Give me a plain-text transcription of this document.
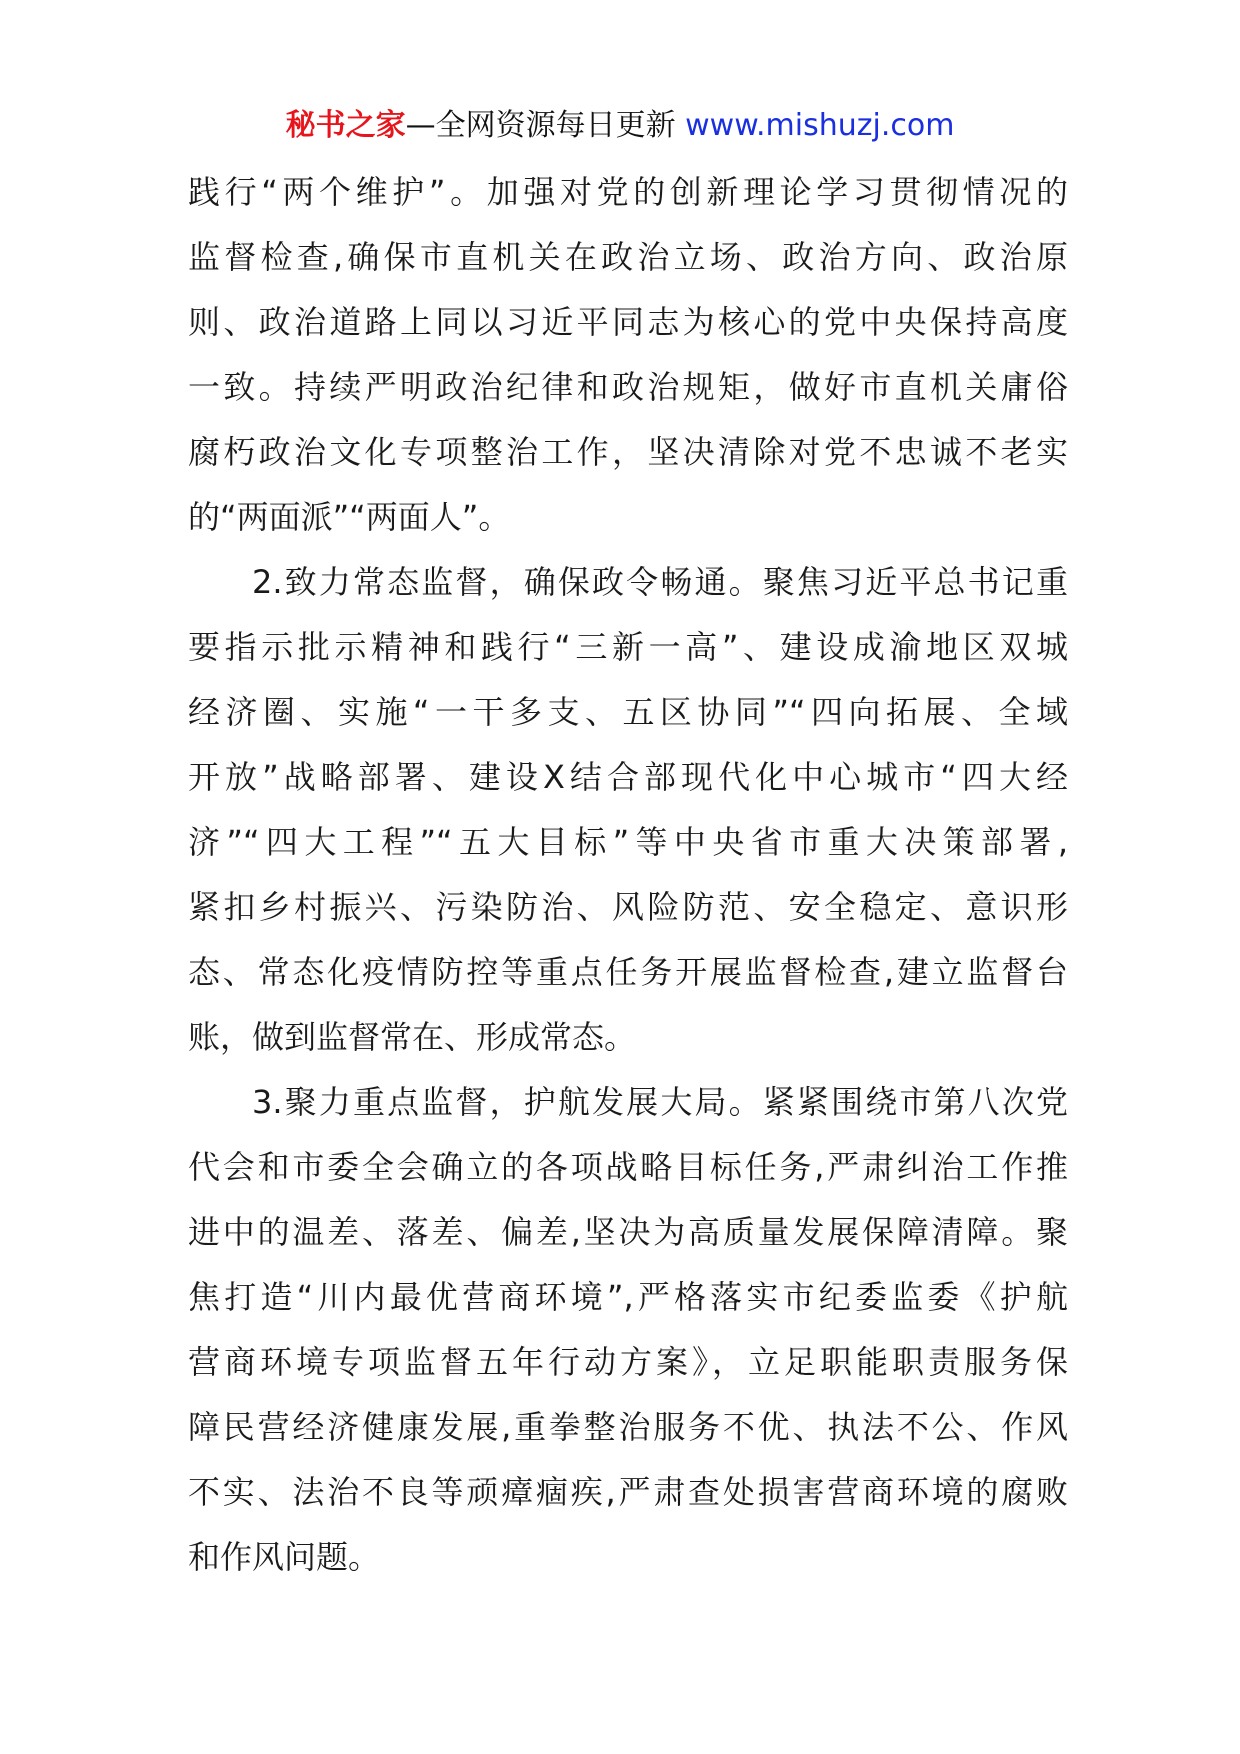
秘书之家—全网资源每日更新 www.mishuzj.com
践行“两个维护”。加强对党的创新理论学习贯彻情况的
监督检查,确保市直机关在政治立场、政治方向、政治原
则、政治道路上同以习近平同志为核心的党中央保持高度
一致。持续严明政治纪律和政治规矩，做好市直机关庸俗
腐朽政治文化专项整治工作，坚决清除对党不忠诚不老实
的“两面派”“两面人”。
2.致力常态监督，确保政令畅通。聚焦习近平总书记重
要指示批示精神和践行“三新一高”、建设成渝地区双城
经济圈、实施“一干多支、五区协同”“四向拓展、全域
开放”战略部署、建设X结合部现代化中心城市“四大经
济”“四大工程”“五大目标”等中央省市重大决策部署,
紧扣乡村振兴、污染防治、风险防范、安全稳定、意识形
态、常态化疫情防控等重点任务开展监督检查,建立监督台
账，做到监督常在、形成常态。
3.聚力重点监督，护航发展大局。紧紧围绕市第八次党
代会和市委全会确立的各项战略目标任务,严肃纠治工作推
进中的温差、落差、偏差,坚决为高质量发展保障清障。聚
焦打造“川内最优营商环境”,严格落实市纪委监委《护航
营商环境专项监督五年行动方案》，立足职能职责服务保
障民营经济健康发展,重拳整治服务不优、执法不公、作风
不实、法治不良等顽瘴痼疾,严肃查处损害营商环境的腐败
和作风问题。
